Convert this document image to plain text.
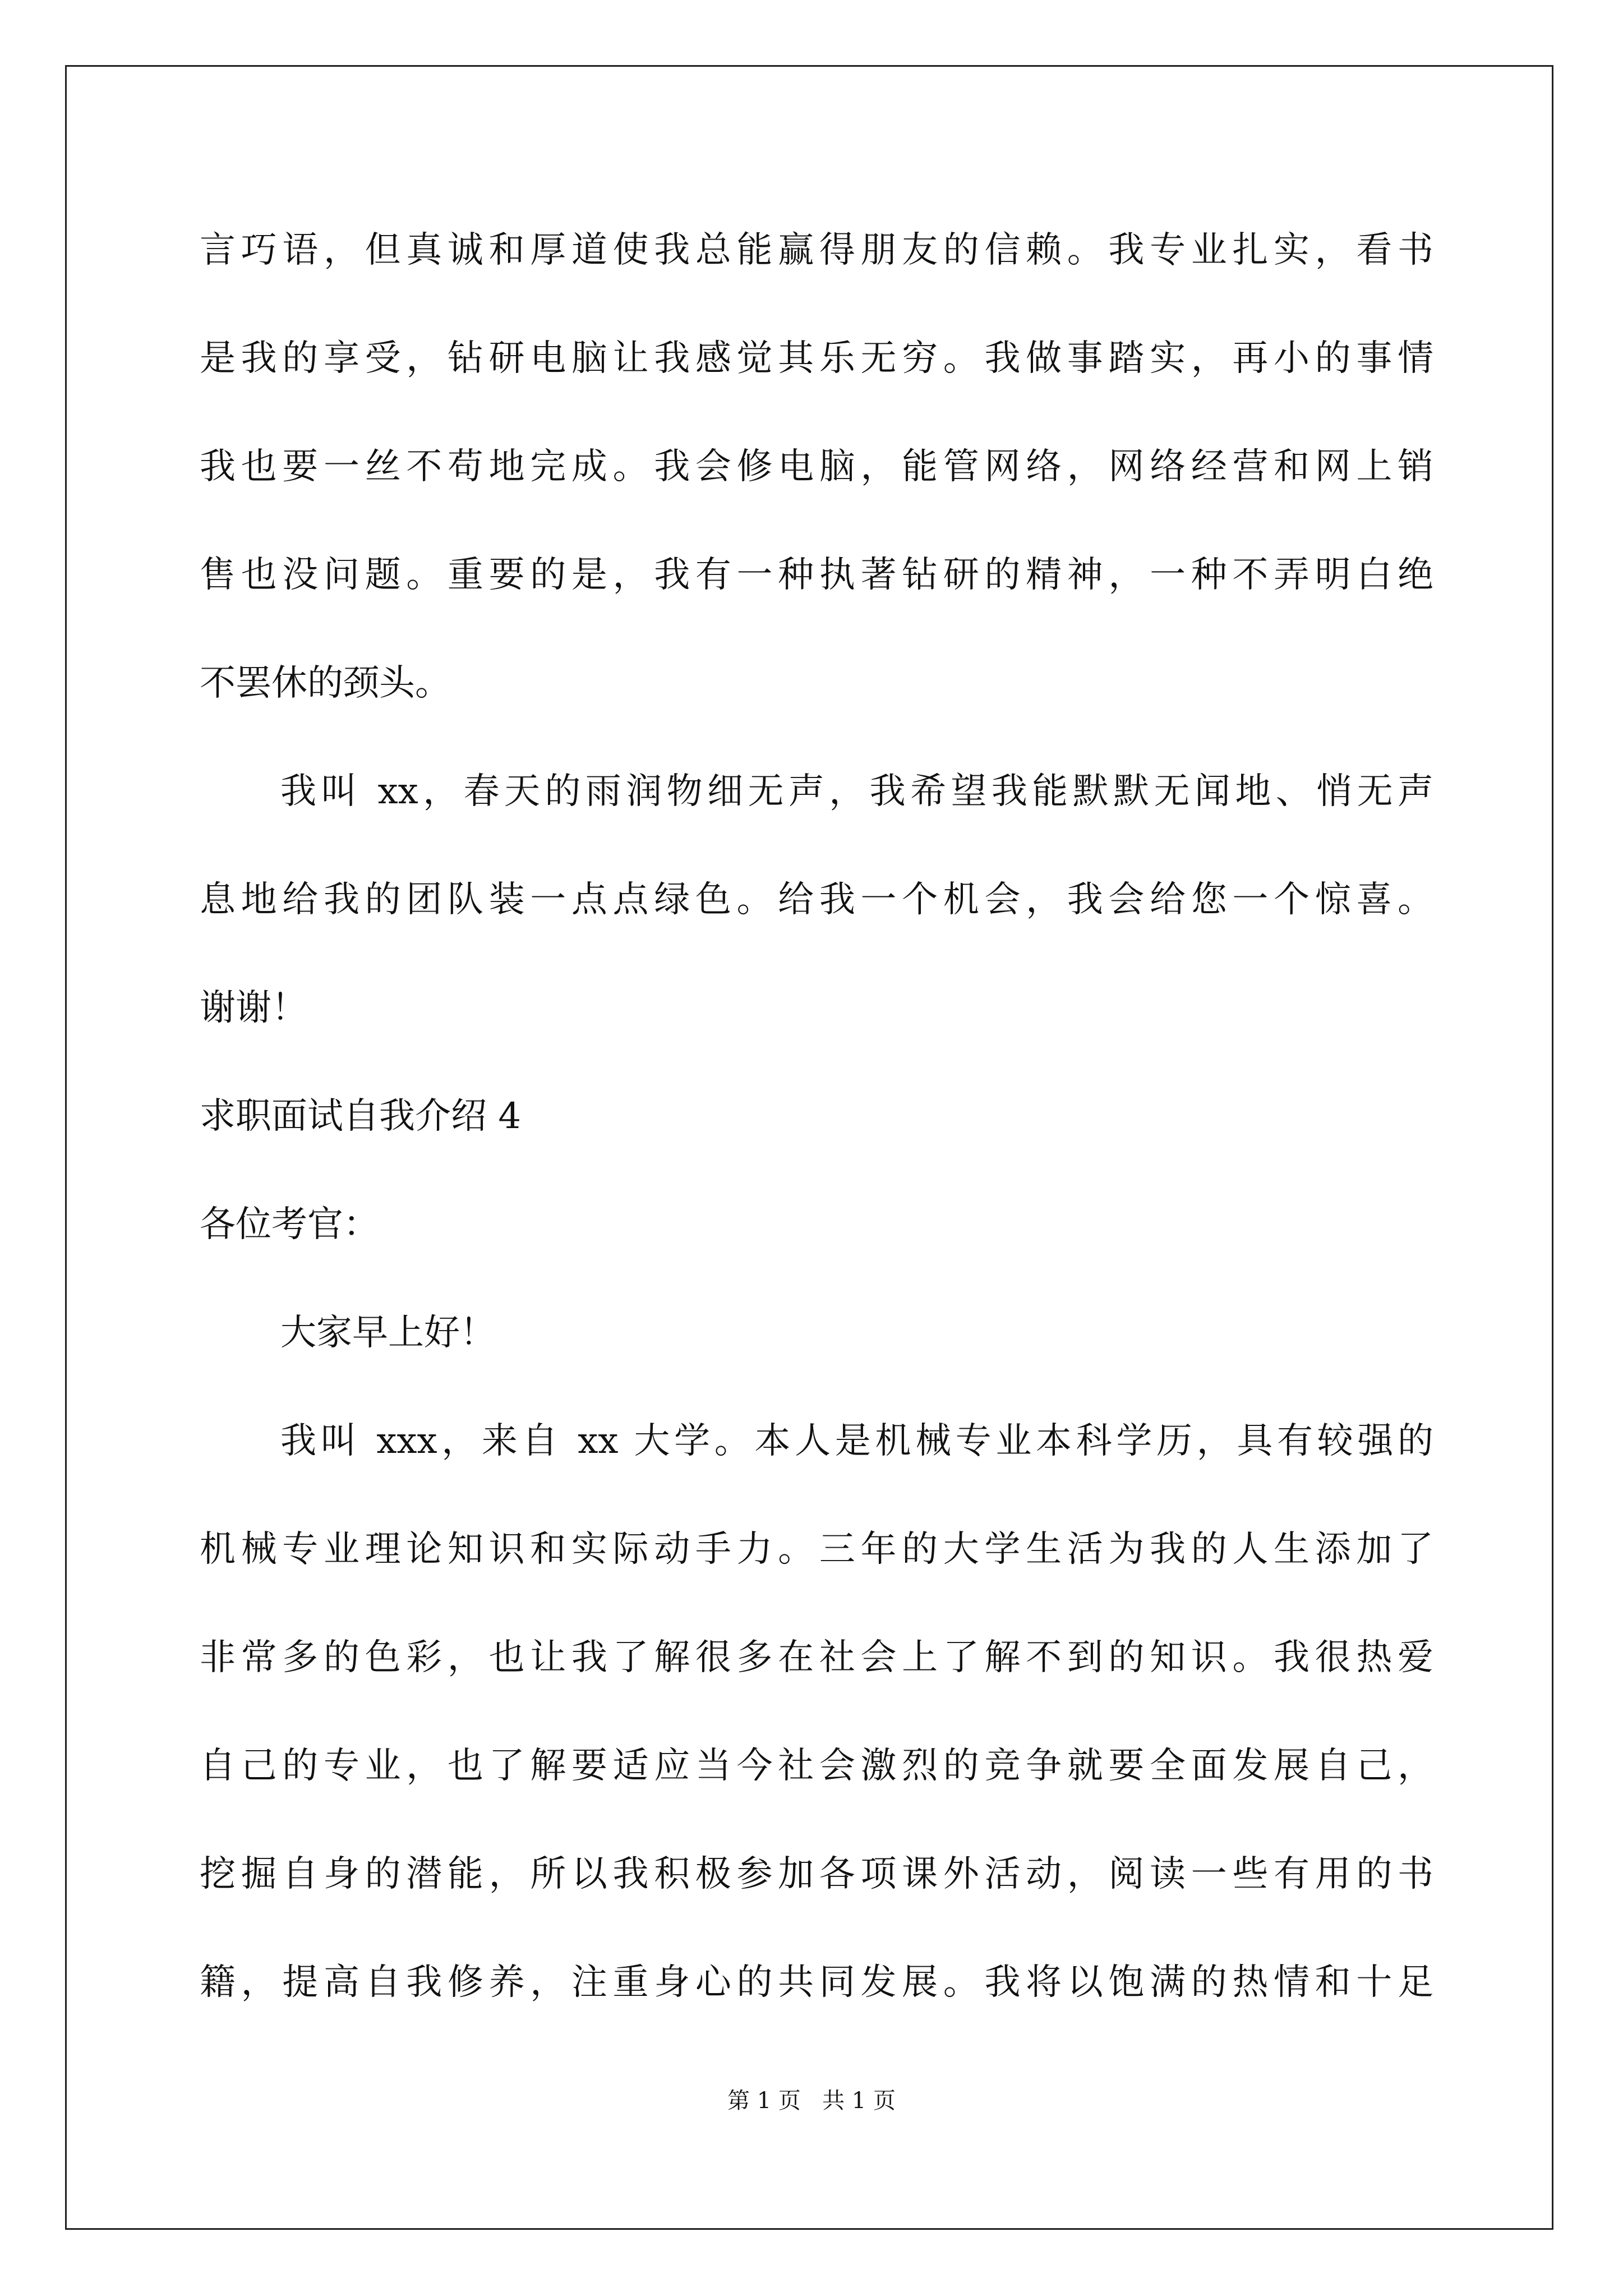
言巧语，但真诚和厚道使我总能赢得朋友的信赖。我专业扎实，看书
是我的享受，钻研电脑让我感觉其乐无穷。我做事踏实，再小的事情
我也要一丝不苟地完成。我会修电脑，能管网络，网络经营和网上销
售也没问题。重要的是，我有一种执著钻研的精神，一种不弄明白绝
不罢休的颈头。
我叫 xx，春天的雨润物细无声，我希望我能默默无闻地、悄无声
息地给我的团队装一点点绿色。给我一个机会，我会给您一个惊喜。
谢谢！
求职面试自我介绍 4
各位考官：
大家早上好！
我叫 xxx，来自 xx 大学。本人是机械专业本科学历，具有较强的
机械专业理论知识和实际动手力。三年的大学生活为我的人生添加了
非常多的色彩，也让我了解很多在社会上了解不到的知识。我很热爱
自己的专业，也了解要适应当今社会激烈的竞争就要全面发展自己，
挖掘自身的潜能，所以我积极参加各项课外活动，阅读一些有用的书
籍，提高自我修养，注重身心的共同发展。我将以饱满的热情和十足
第 1 页   共 1 页
